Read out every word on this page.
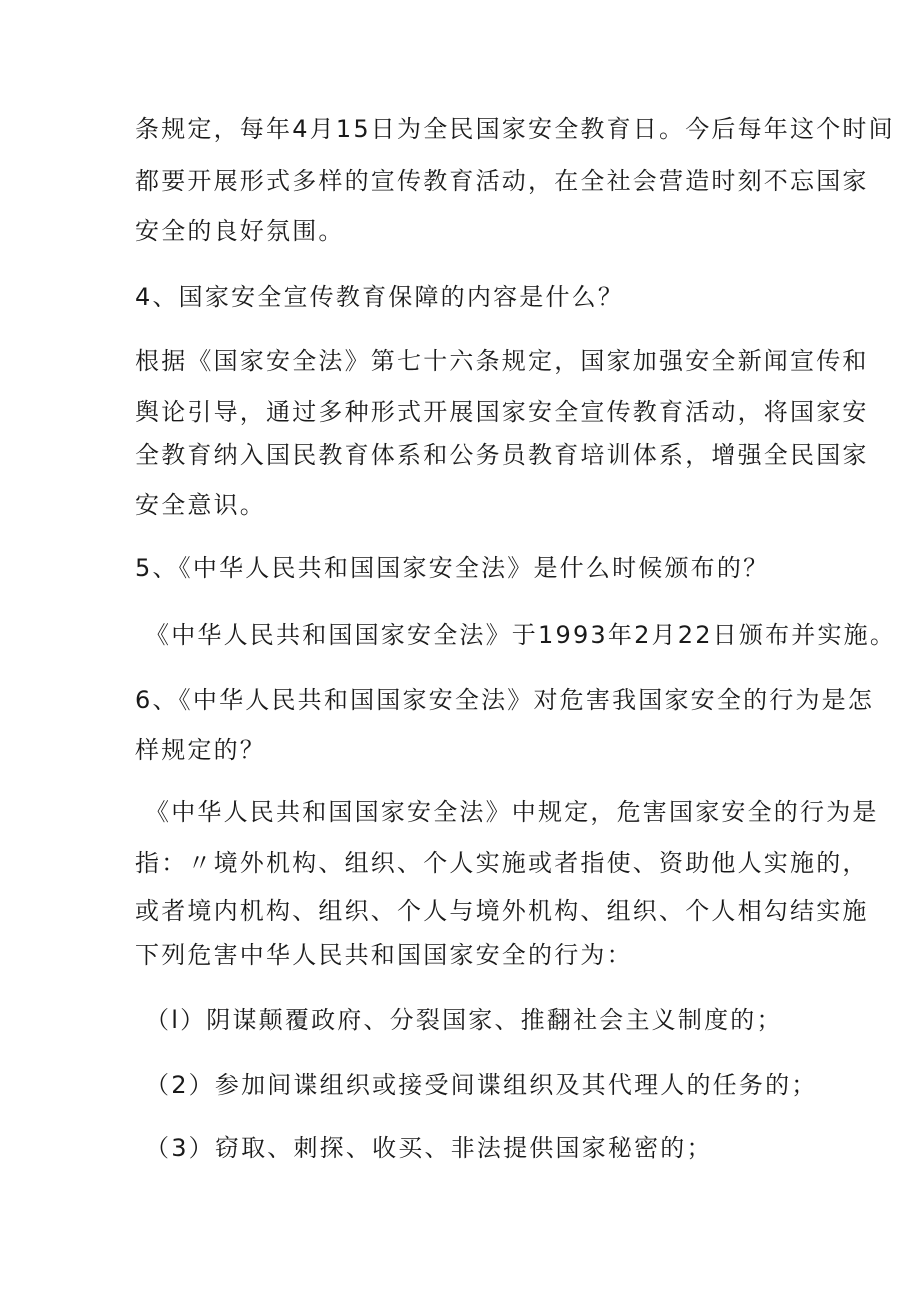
条规定，每年4月15日为全民国家安全教育日。今后每年这个时间
都要开展形式多样的宣传教育活动，在全社会营造时刻不忘国家
安全的良好氛围。
4、国家安全宣传教育保障的内容是什么？
根据《国家安全法》第七十六条规定，国家加强安全新闻宣传和
舆论引导，通过多种形式开展国家安全宣传教育活动，将国家安
全教育纳入国民教育体系和公务员教育培训体系，增强全民国家
安全意识。
5、《中华人民共和国国家安全法》是什么时候颁布的？
《中华人民共和国国家安全法》于1993年2月22日颁布并实施。
6、《中华人民共和国国家安全法》对危害我国家安全的行为是怎
样规定的？
《中华人民共和国国家安全法》中规定，危害国家安全的行为是
指：〃境外机构、组织、个人实施或者指使、资助他人实施的，
或者境内机构、组织、个人与境外机构、组织、个人相勾结实施
下列危害中华人民共和国国家安全的行为：
（l）阴谋颠覆政府、分裂国家、推翻社会主义制度的；
（2）参加间谍组织或接受间谍组织及其代理人的任务的；
（3）窃取、刺探、收买、非法提供国家秘密的；
